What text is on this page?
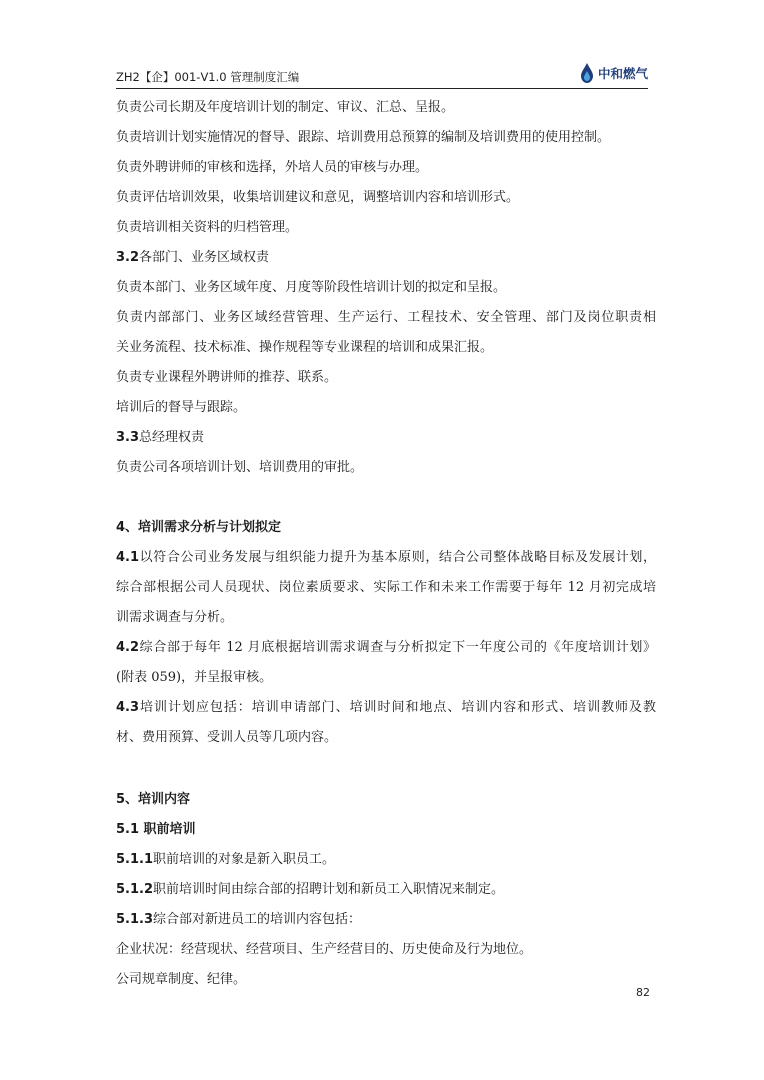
ZH2【企】001-V1.0 管理制度汇编	中和燃气
负责公司长期及年度培训计划的制定、审议、汇总、呈报。
负责培训计划实施情况的督导、跟踪、培训费用总预算的编制及培训费用的使用控制。
负责外聘讲师的审核和选择，外培人员的审核与办理。
负责评估培训效果，收集培训建议和意见，调整培训内容和培训形式。
负责培训相关资料的归档管理。
3.2各部门、业务区域权责
负责本部门、业务区域年度、月度等阶段性培训计划的拟定和呈报。
负责内部部门、业务区域经营管理、生产运行、工程技术、安全管理、部门及岗位职责相
关业务流程、技术标准、操作规程等专业课程的培训和成果汇报。
负责专业课程外聘讲师的推荐、联系。
培训后的督导与跟踪。
3.3总经理权责
负责公司各项培训计划、培训费用的审批。
4、培训需求分析与计划拟定
4.1以符合公司业务发展与组织能力提升为基本原则，结合公司整体战略目标及发展计划，
综合部根据公司人员现状、岗位素质要求、实际工作和未来工作需要于每年 12 月初完成培
训需求调查与分析。
4.2综合部于每年 12 月底根据培训需求调查与分析拟定下一年度公司的《年度培训计划》
(附表 059)，并呈报审核。
4.3培训计划应包括：培训申请部门、培训时间和地点、培训内容和形式、培训教师及教
材、费用预算、受训人员等几项内容。
5、培训内容
5.1 职前培训
5.1.1职前培训的对象是新入职员工。
5.1.2职前培训时间由综合部的招聘计划和新员工入职情况来制定。
5.1.3综合部对新进员工的培训内容包括：
企业状况：经营现状、经营项目、生产经营目的、历史使命及行为地位。
公司规章制度、纪律。
82
